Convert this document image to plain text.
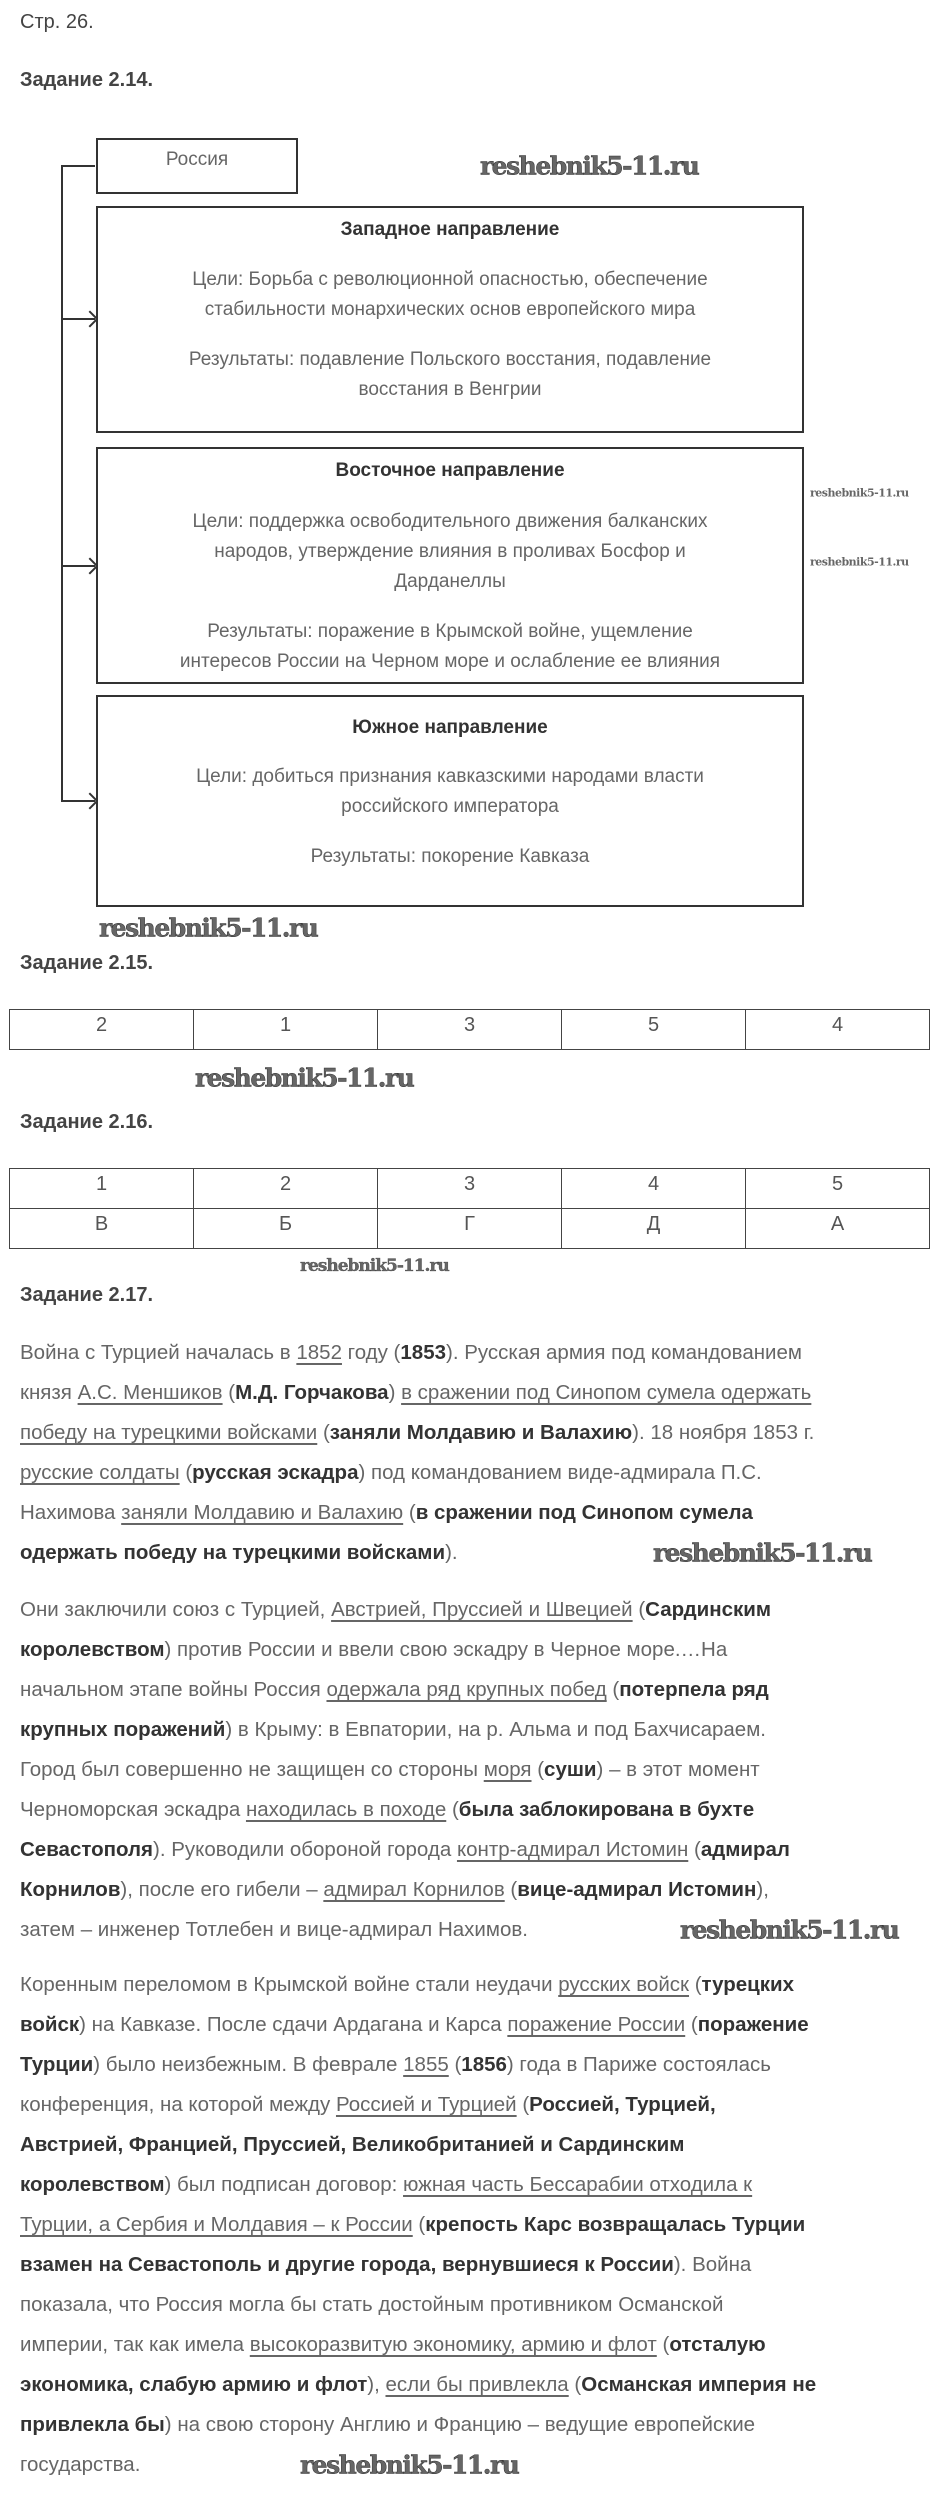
Стр. 26.
Задание 2.14.
Россия
Западное направление
Цели: Борьба с революционной опасностью, обеспечение
стабильности монархических основ европейского мира
Результаты: подавление Польского восстания, подавление
восстания в Венгрии
Восточное направление
Цели: поддержка освободительного движения балканских
народов, утверждение влияния в проливах Босфор и
Дарданеллы
Результаты: поражение в Крымской войне, ущемление
интересов России на Черном море и ослабление ее влияния
Южное направление
Цели: добиться признания кавказскими народами власти
российского императора
Результаты: покорение Кавказа
Задание 2.15.
2	1	3	5	4
Задание 2.16.
1	2	3	4	5
В	Б	Г	Д	А
Задание 2.17.
Война с Турцией началась в 1852 году (1853). Русская армия под командованием
князя А.С. Меншиков (М.Д. Горчакова) в сражении под Синопом сумела одержать
победу на турецкими войсками (заняли Молдавию и Валахию). 18 ноября 1853 г.
русские солдаты (русская эскадра) под командованием виде-адмирала П.С.
Нахимова заняли Молдавию и Валахию (в сражении под Синопом сумела
одержать победу на турецкими войсками).
Они заключили союз с Турцией, Австрией, Пруссией и Швецией (Сардинским
королевством) против России и ввели свою эскадру в Черное море.…На
начальном этапе войны Россия одержала ряд крупных побед (потерпела ряд
крупных поражений) в Крыму: в Евпатории, на р. Альма и под Бахчисараем.
Город был совершенно не защищен со стороны моря (суши) – в этот момент
Черноморская эскадра находилась в походе (была заблокирована в бухте
Севастополя). Руководили обороной города контр-адмирал Истомин (адмирал
Корнилов), после его гибели – адмирал Корнилов (вице-адмирал Истомин),
затем – инженер Тотлебен и вице-адмирал Нахимов.
Коренным переломом в Крымской войне стали неудачи русских войск (турецких
войск) на Кавказе. После сдачи Ардагана и Карса поражение России (поражение
Турции) было неизбежным. В феврале 1855 (1856) года в Париже состоялась
конференция, на которой между Россией и Турцией (Россией, Турцией,
Австрией, Францией, Пруссией, Великобританией и Сардинским
королевством) был подписан договор: южная часть Бессарабии отходила к
Турции, а Сербия и Молдавия – к России (крепость Карс возвращалась Турции
взамен на Севастополь и другие города, вернувшиеся к России). Война
показала, что Россия могла бы стать достойным противником Османской
империи, так как имела высокоразвитую экономику, армию и флот (отсталую
экономика, слабую армию и флот), если бы привлекла (Османская империя не
привлекла бы) на свою сторону Англию и Францию – ведущие европейские
государства.
reshebnik5-11.ru
reshebnik5-11.ru
reshebnik5-11.ru
reshebnik5-11.ru
reshebnik5-11.ru
reshebnik5-11.ru
reshebnik5-11.ru
reshebnik5-11.ru
reshebnik5-11.ru
